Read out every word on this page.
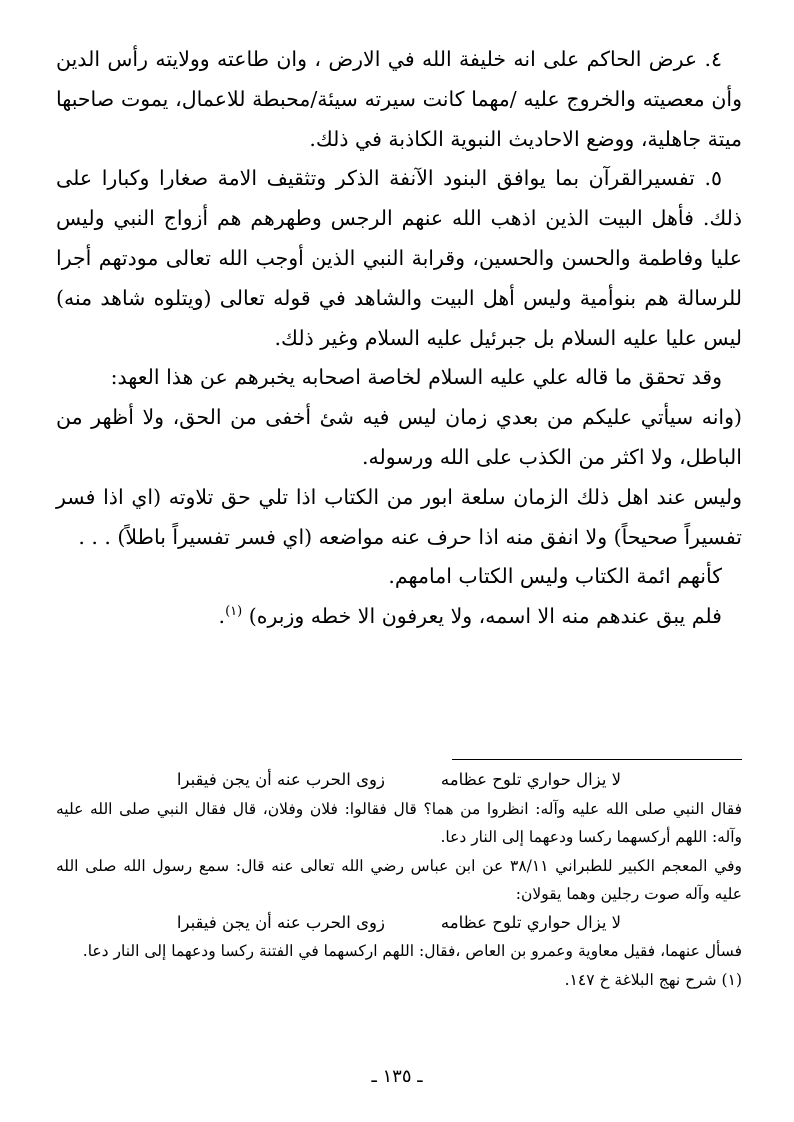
٤. عرض الحاكم على انه خليفة الله في الارض ، وان طاعته وولايته رأس الدين وأن معصيته والخروج عليه /مهما كانت سيرته سيئة/محبطة للاعمال، يموت صاحبها ميتة جاهلية، ووضع الاحاديث النبوية الكاذبة في ذلك.

٥. تفسيرالقرآن بما يوافق البنود الآنفة الذكر وتثقيف الامة صغارا وكبارا على ذلك. فأهل البيت الذين اذهب الله عنهم الرجس وطهرهم هم أزواج النبي وليس عليا وفاطمة والحسن والحسين، وقرابة النبي الذين أوجب الله تعالى مودتهم أجرا للرسالة هم بنوأمية وليس أهل البيت والشاهد في قوله تعالى (ويتلوه شاهد منه) ليس عليا عليه السلام بل جبرئيل عليه السلام وغير ذلك.

وقد تحقق ما قاله علي عليه السلام لخاصة اصحابه يخبرهم عن هذا العهد:

(وانه سيأتي عليكم من بعدي زمان ليس فيه شئ أخفى من الحق، ولا أظهر من الباطل، ولا اكثر من الكذب على الله ورسوله.

وليس عند اهل ذلك الزمان سلعة ابور من الكتاب اذا تلي حق تلاوته (اي اذا فسر تفسيراً صحيحاً) ولا انفق منه اذا حرف عنه مواضعه (اي فسر تفسيراً باطلاً) . . .

كأنهم ائمة الكتاب وليس الكتاب امامهم.

فلم يبق عندهم منه الا اسمه، ولا يعرفون الا خطه وزبره) $^{(١)}$.

لا يزال حواري تلوح عظامهزوى الحرب عنه أن يجن فيقبرا

فقال النبي صلى الله عليه وآله: انظروا من هما؟ قال فقالوا: فلان وفلان، قال فقال النبي صلى الله عليه وآله: اللهم أركسهما ركسا ودعهما إلى النار دعا.

وفي المعجم الكبير للطبراني ٣٨/١١ عن ابن عباس رضي الله تعالى عنه قال: سمع رسول الله صلى الله عليه وآله صوت رجلين وهما يقولان:

لا يزال حواري تلوح عظامهزوى الحرب عنه أن يجن فيقبرا

فسأل عنهما، فقيل معاوية وعمرو بن العاص ،فقال: اللهم اركسهما في الفتنة ركسا ودعهما إلى النار دعا.

(١) شرح نهج البلاغة خ ١٤٧.

ـ ١٣٥ ـ
